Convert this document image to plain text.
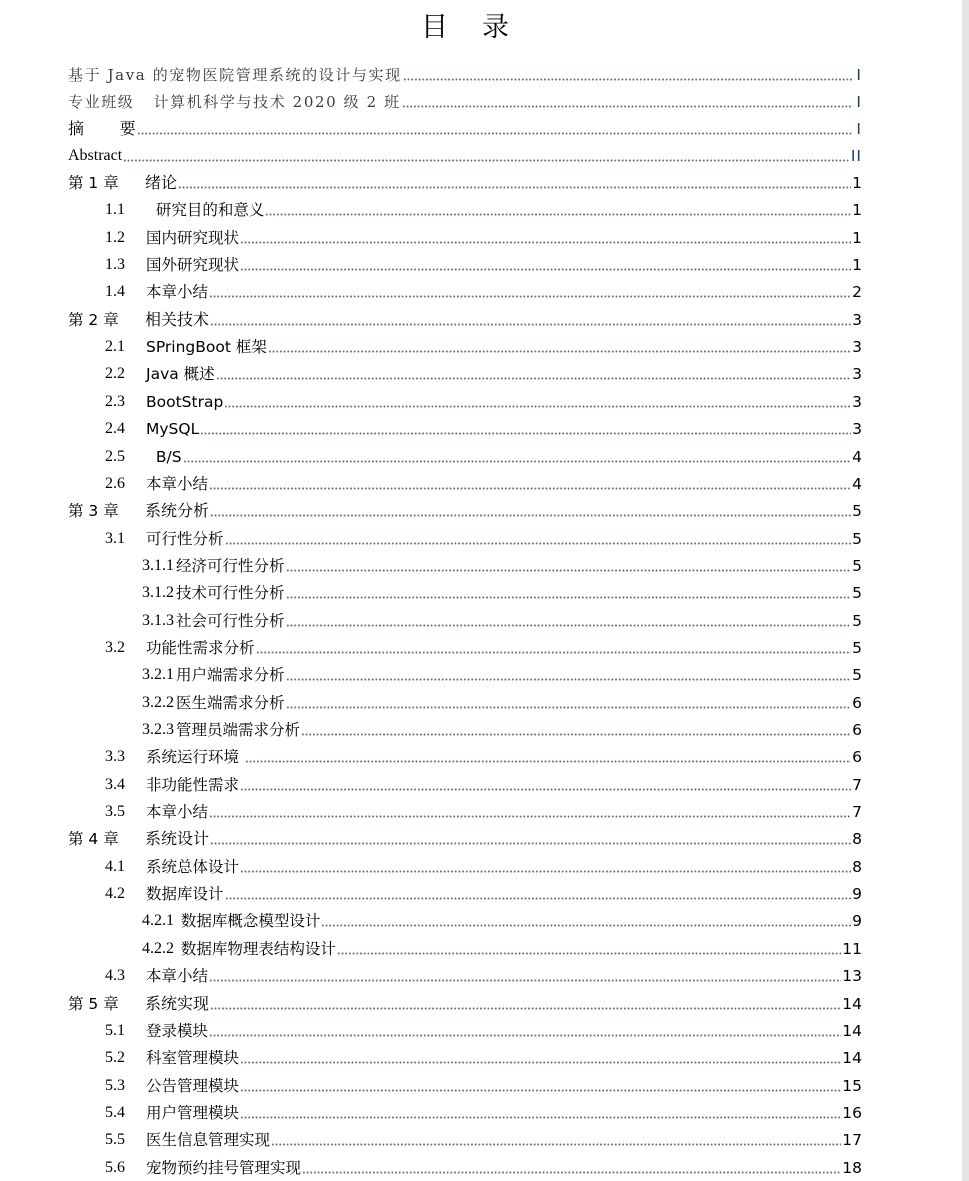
目 录
基于 Java 的宠物医院管理系统的设计与实现	I
专业班级   计算机科学与技术 2020 级 2 班	I
摘       要	I
Abstract	II
第 1 章	绪论	1
1.1	研究目的和意义	1
1.2	国内研究现状	1
1.3	国外研究现状	1
1.4	本章小结	2
第 2 章	相关技术	3
2.1	SPringBoot 框架	3
2.2	Java 概述	3
2.3	BootStrap	3
2.4	MySQL	3
2.5	B/S	4
2.6	本章小结	4
第 3 章	系统分析	5
3.1	可行性分析	5
3.1.1 经济可行性分析	5
3.1.2 技术可行性分析	5
3.1.3 社会可行性分析	5
3.2	功能性需求分析	5
3.2.1 用户端需求分析	5
3.2.2 医生端需求分析	6
3.2.3 管理员端需求分析	6
3.3	系统运行环境	6
3.4	非功能性需求	7
3.5	本章小结	7
第 4 章	系统设计	8
4.1	系统总体设计	8
4.2	数据库设计	9
4.2.1 数据库概念模型设计	9
4.2.2 数据库物理表结构设计	11
4.3	本章小结	13
第 5 章	系统实现	14
5.1	登录模块	14
5.2	科室管理模块	14
5.3	公告管理模块	15
5.4	用户管理模块	16
5.5	医生信息管理实现	17
5.6	宠物预约挂号管理实现	18
